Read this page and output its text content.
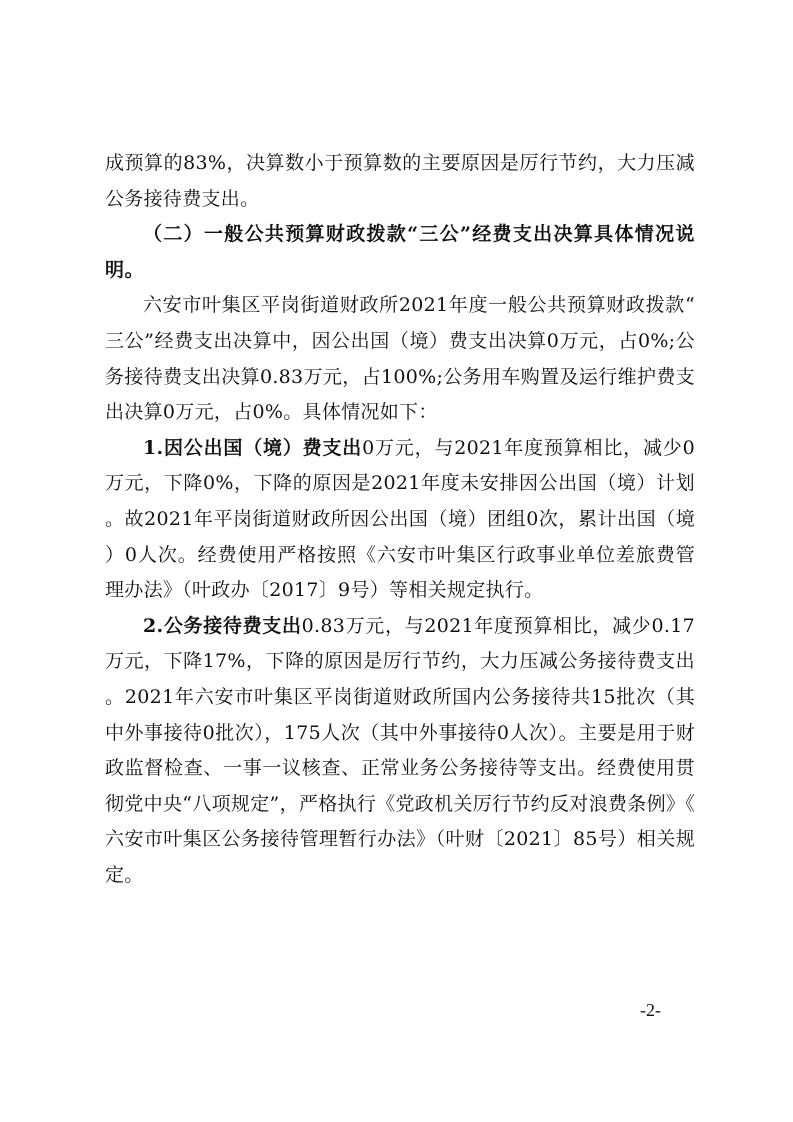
成预算的83%，决算数小于预算数的主要原因是厉行节约，大力压减公务接待费支出。

（二）一般公共预算财政拨款“三公”经费支出决算具体情况说明。

六安市叶集区平岗街道财政所2021年度一般公共预算财政拨款“三公”经费支出决算中，因公出国（境）费支出决算0万元，占0%;公务接待费支出决算0.83万元，占100%;公务用车购置及运行维护费支出决算0万元，占0%。具体情况如下：

1.因公出国（境）费支出0万元，与2021年度预算相比，减少0万元，下降0%，下降的原因是2021年度未安排因公出国（境）计划。故2021年平岗街道财政所因公出国（境）团组0次，累计出国（境）0人次。经费使用严格按照《六安市叶集区行政事业单位差旅费管理办法》（叶政办〔2017〕9号）等相关规定执行。

2.公务接待费支出0.83万元，与2021年度预算相比，减少0.17万元，下降17%，下降的原因是厉行节约，大力压减公务接待费支出。2021年六安市叶集区平岗街道财政所国内公务接待共15批次（其中外事接待0批次），175人次（其中外事接待0人次）。主要是用于财政监督检查、一事一议核查、正常业务公务接待等支出。经费使用贯彻党中央“八项规定”，严格执行《党政机关厉行节约反对浪费条例》《六安市叶集区公务接待管理暂行办法》（叶财〔2021〕85号）相关规定。

-2-
